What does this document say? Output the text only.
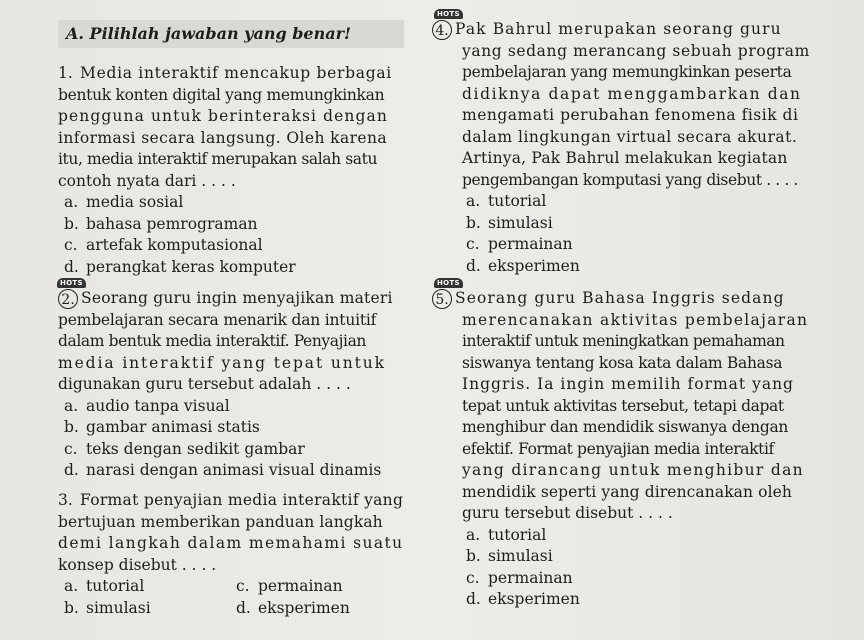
A. Pilihlah jawaban yang benar!
1. Media interaktif mencakup berbagai
bentuk konten digital yang memungkinkan
pengguna untuk berinteraksi dengan
informasi secara langsung. Oleh karena
itu, media interaktif merupakan salah satu
contoh nyata dari . . . .
a. media sosial
b. bahasa pemrograman
c. artefak komputasional
d. perangkat keras komputer
HOTS
2. Seorang guru ingin menyajikan materi
pembelajaran secara menarik dan intuitif
dalam bentuk media interaktif. Penyajian
media interaktif yang tepat untuk
digunakan guru tersebut adalah . . . .
a. audio tanpa visual
b. gambar animasi statis
c. teks dengan sedikit gambar
d. narasi dengan animasi visual dinamis
3. Format penyajian media interaktif yang
bertujuan memberikan panduan langkah
demi langkah dalam memahami suatu
konsep disebut . . . .
a. tutorial	c. permainan
b. simulasi	d. eksperimen
HOTS
4. Pak Bahrul merupakan seorang guru
yang sedang merancang sebuah program
pembelajaran yang memungkinkan peserta
didiknya dapat menggambarkan dan
mengamati perubahan fenomena fisik di
dalam lingkungan virtual secara akurat.
Artinya, Pak Bahrul melakukan kegiatan
pengembangan komputasi yang disebut . . . .
a. tutorial
b. simulasi
c. permainan
d. eksperimen
HOTS
5. Seorang guru Bahasa Inggris sedang
merencanakan aktivitas pembelajaran
interaktif untuk meningkatkan pemahaman
siswanya tentang kosa kata dalam Bahasa
Inggris. Ia ingin memilih format yang
tepat untuk aktivitas tersebut, tetapi dapat
menghibur dan mendidik siswanya dengan
efektif. Format penyajian media interaktif
yang dirancang untuk menghibur dan
mendidik seperti yang direncanakan oleh
guru tersebut disebut . . . .
a. tutorial
b. simulasi
c. permainan
d. eksperimen
